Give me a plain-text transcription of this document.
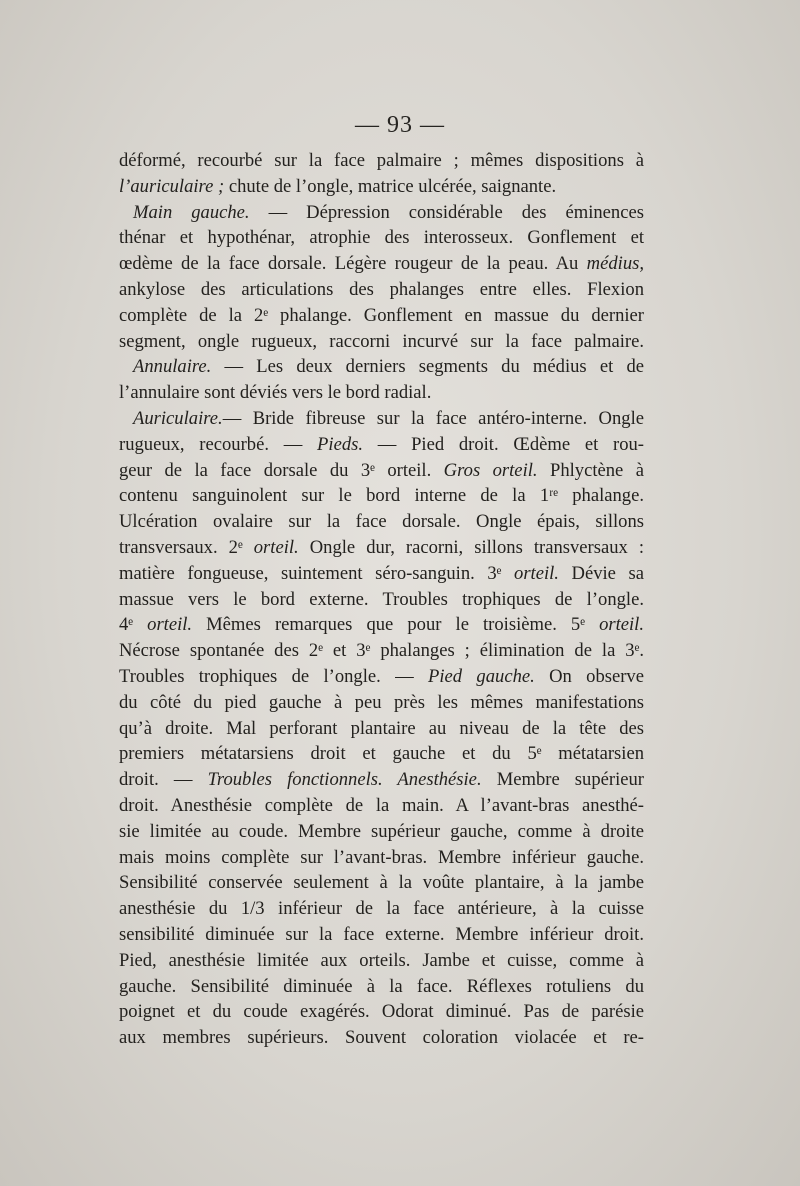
— 93 —
déformé, recourbé sur la face palmaire ; mêmes dispositions à
l’auriculaire ; chute de l’ongle, matrice ulcérée, saignante.
Main gauche. — Dépression considérable des éminences
thénar et hypothénar, atrophie des interosseux. Gonflement et
œdème de la face dorsale. Légère rougeur de la peau. Au médius,
ankylose des articulations des phalanges entre elles. Flexion
complète de la 2ᵉ phalange. Gonflement en massue du dernier
segment, ongle rugueux, raccorni incurvé sur la face palmaire.
Annulaire. — Les deux derniers segments du médius et de
l’annulaire sont déviés vers le bord radial.
Auriculaire.— Bride fibreuse sur la face antéro-interne. Ongle
rugueux, recourbé. — Pieds. — Pied droit. Œdème et rou-
geur de la face dorsale du 3ᵉ orteil. Gros orteil. Phlyctène à
contenu sanguinolent sur le bord interne de la 1ʳᵉ phalange.
Ulcération ovalaire sur la face dorsale. Ongle épais, sillons
transversaux. 2ᵉ orteil. Ongle dur, racorni, sillons transversaux :
matière fongueuse, suintement séro-sanguin. 3ᵉ orteil. Dévie sa
massue vers le bord externe. Troubles trophiques de l’ongle.
4ᵉ orteil. Mêmes remarques que pour le troisième. 5ᵉ orteil.
Nécrose spontanée des 2ᵉ et 3ᵉ phalanges ; élimination de la 3ᵉ.
Troubles trophiques de l’ongle. — Pied gauche. On observe
du côté du pied gauche à peu près les mêmes manifestations
qu’à droite. Mal perforant plantaire au niveau de la tête des
premiers métatarsiens droit et gauche et du 5ᵉ métatarsien
droit. — Troubles fonctionnels. Anesthésie. Membre supérieur
droit. Anesthésie complète de la main. A l’avant-bras anesthé-
sie limitée au coude. Membre supérieur gauche, comme à droite
mais moins complète sur l’avant-bras. Membre inférieur gauche.
Sensibilité conservée seulement à la voûte plantaire, à la jambe
anesthésie du 1/3 inférieur de la face antérieure, à la cuisse
sensibilité diminuée sur la face externe. Membre inférieur droit.
Pied, anesthésie limitée aux orteils. Jambe et cuisse, comme à
gauche. Sensibilité diminuée à la face. Réflexes rotuliens du
poignet et du coude exagérés. Odorat diminué. Pas de parésie
aux membres supérieurs. Souvent coloration violacée et re-
